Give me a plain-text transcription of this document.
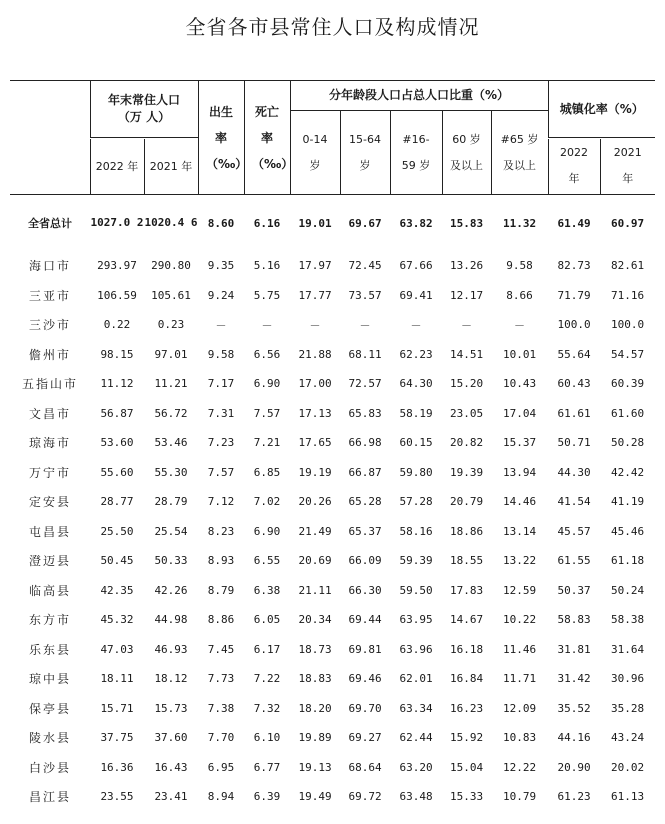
全省各市县常住人口及构成情况

	年末常住人口
（万 人）		出生率（‰）	死亡率（‰）	分年龄段人口占总人口比重（%）					城镇化率（%）	

					0-14 岁	15-64 岁	#16-59 岁	60 岁及以上	#65 岁及以上		

	2022 年	2021 年								2022 年	2021 年

全省总计	1027.0 2	1020.4 6	8.60	6.16	19.01	69.67	63.82	15.83	11.32	61.49	60.97
海口市	293.97	290.80	9.35	5.16	17.97	72.45	67.66	13.26	9.58	82.73	82.61
三亚市	106.59	105.61	9.24	5.75	17.77	73.57	69.41	12.17	8.66	71.79	71.16
三沙市	0.22	0.23	－	－	－	－	－	－	－	100.0	100.0
儋州市	98.15	97.01	9.58	6.56	21.88	68.11	62.23	14.51	10.01	55.64	54.57
五指山市	11.12	11.21	7.17	6.90	17.00	72.57	64.30	15.20	10.43	60.43	60.39
文昌市	56.87	56.72	7.31	7.57	17.13	65.83	58.19	23.05	17.04	61.61	61.60
琼海市	53.60	53.46	7.23	7.21	17.65	66.98	60.15	20.82	15.37	50.71	50.28
万宁市	55.60	55.30	7.57	6.85	19.19	66.87	59.80	19.39	13.94	44.30	42.42
定安县	28.77	28.79	7.12	7.02	20.26	65.28	57.28	20.79	14.46	41.54	41.19
屯昌县	25.50	25.54	8.23	6.90	21.49	65.37	58.16	18.86	13.14	45.57	45.46
澄迈县	50.45	50.33	8.93	6.55	20.69	66.09	59.39	18.55	13.22	61.55	61.18
临高县	42.35	42.26	8.79	6.38	21.11	66.30	59.50	17.83	12.59	50.37	50.24
东方市	45.32	44.98	8.86	6.05	20.34	69.44	63.95	14.67	10.22	58.83	58.38
乐东县	47.03	46.93	7.45	6.17	18.73	69.81	63.96	16.18	11.46	31.81	31.64
琼中县	18.11	18.12	7.73	7.22	18.83	69.46	62.01	16.84	11.71	31.42	30.96
保亭县	15.71	15.73	7.38	7.32	18.20	69.70	63.34	16.23	12.09	35.52	35.28
陵水县	37.75	37.60	7.70	6.10	19.89	69.27	62.44	15.92	10.83	44.16	43.24
白沙县	16.36	16.43	6.95	6.77	19.13	68.64	63.20	15.04	12.22	20.90	20.02
昌江县	23.55	23.41	8.94	6.39	19.49	69.72	63.48	15.33	10.79	61.23	61.13
